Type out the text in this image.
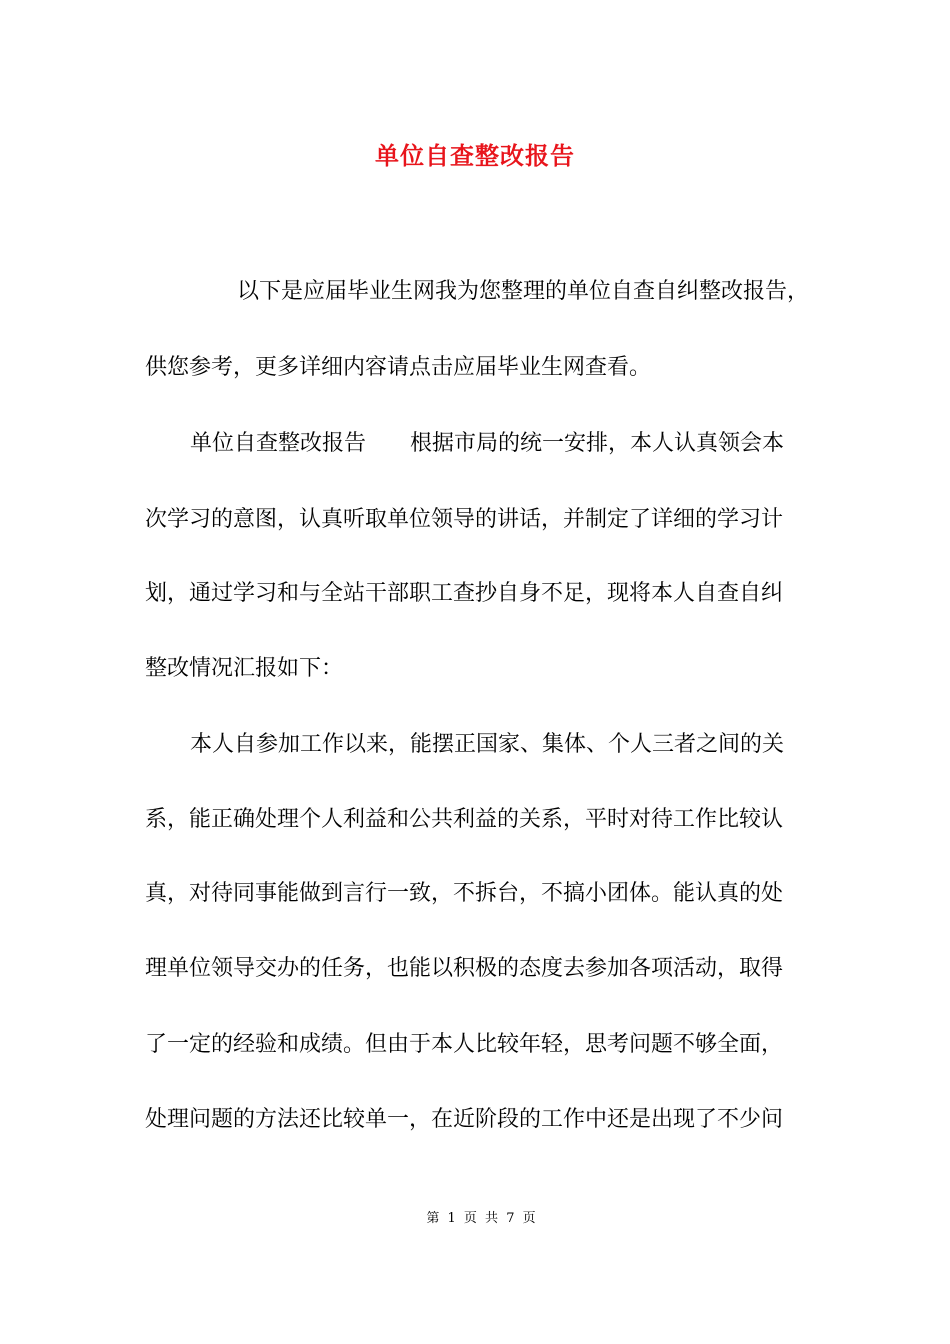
单位自查整改报告
以下是应届毕业生网我为您整理的单位自查自纠整改报告，
供您参考，更多详细内容请点击应届毕业生网查看。
单位自查整改报告　　根据市局的统一安排，本人认真领会本
次学习的意图，认真听取单位领导的讲话，并制定了详细的学习计
划，通过学习和与全站干部职工查抄自身不足，现将本人自查自纠
整改情况汇报如下：
本人自参加工作以来，能摆正国家、集体、个人三者之间的关
系，能正确处理个人利益和公共利益的关系，平时对待工作比较认
真，对待同事能做到言行一致，不拆台，不搞小团体。能认真的处
理单位领导交办的任务，也能以积极的态度去参加各项活动，取得
了一定的经验和成绩。但由于本人比较年轻，思考问题不够全面，
处理问题的方法还比较单一，在近阶段的工作中还是出现了不少问
第 1 页 共 7 页
